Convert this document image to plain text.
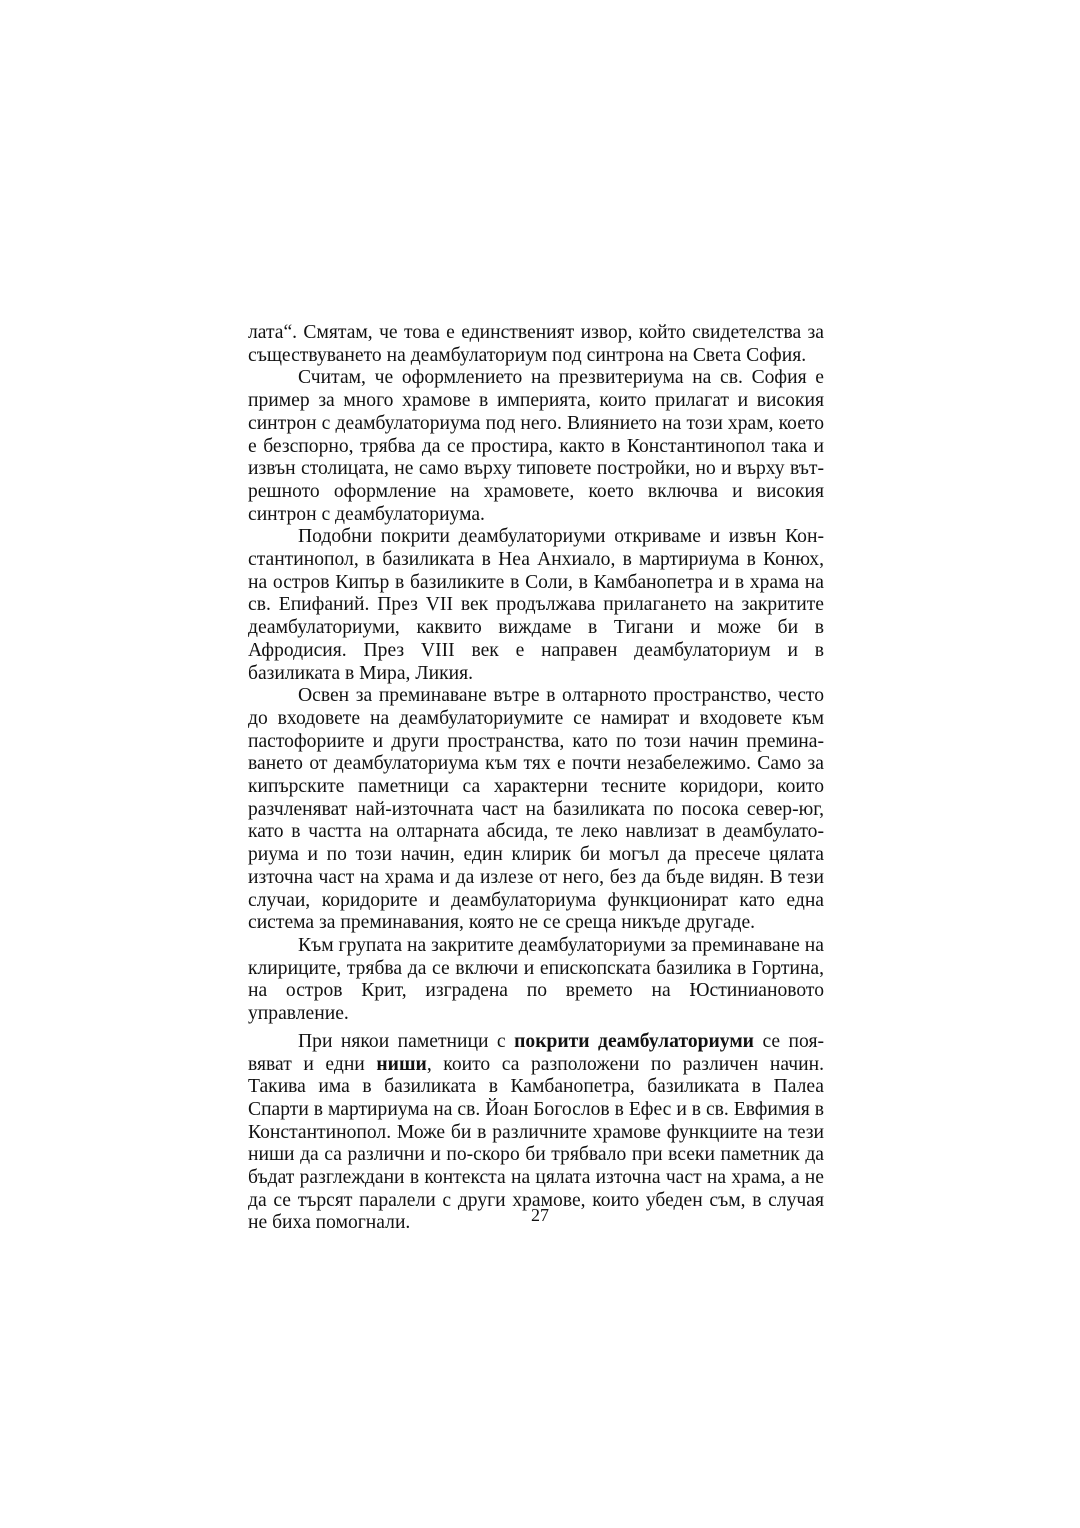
лата“. Смятам, че това е единственият извор, който свидетелства за съществуването на деамбулаториум под синтрона на Света София.

Считам, че оформлението на презвитериума на св. София е пример за много храмове в империята, които прилагат и високия синтрон с деамбулаториума под него. Влиянието на този храм, което е безспорно, трябва да се простира, както в Константинопол така и извън столицата, не само върху типовете постройки, но и върху вътрешното оформление на храмовете, което включва и високия синтрон с деамбулаториума.

Подобни покрити деамбулаториуми откриваме и извън Константинопол, в базиликата в Неа Анхиало, в мартириума в Конюх, на остров Кипър в базиликите в Соли, в Камбанопетра и в храма на св. Епифаний. През VII век продължава прилагането на закритите деамбулаториуми, каквито виждаме в Тигани и може би в Афродисия. През VIII век е направен деамбулаториум и в базиликата в Мира, Ликия.

Освен за преминаване вътре в олтарното пространство, често до входовете на деамбулаториумите се намират и входовете към пастофориите и други пространства, като по този начин преминаването от деамбулаториума към тях е почти незабележимо. Само за кипърските паметници са характерни тесните коридори, които разчленяват най-източната част на базиликата по посока север-юг, като в частта на олтарната абсида, те леко навлизат в деамбулаториума и по този начин, един клирик би могъл да пресече цялата източна част на храма и да излезе от него, без да бъде видян. В тези случаи, коридорите и деамбулаториума функционират като една система за преминавания, която не се среща никъде другаде.

Към групата на закритите деамбулаториуми за преминаване на клириците, трябва да се включи и епископската базилика в Гортина, на остров Крит, изградена по времето на Юстиниановото управление.

При някои паметници с покрити деамбулаториуми се появяват и едни ниши, които са разположени по различен начин. Такива има в базиликата в Камбанопетра, базиликата в Палеа Спарти в мартириума на св. Йоан Богослов в Ефес и в св. Евфимия в Константинопол. Може би в различните храмове функциите на тези ниши да са различни и по-скоро би трябвало при всеки паметник да бъдат разглеждани в контекста на цялата източна част на храма, а не да се търсят паралели с други храмове, които убеден съм, в случая не биха помогнали.	27
